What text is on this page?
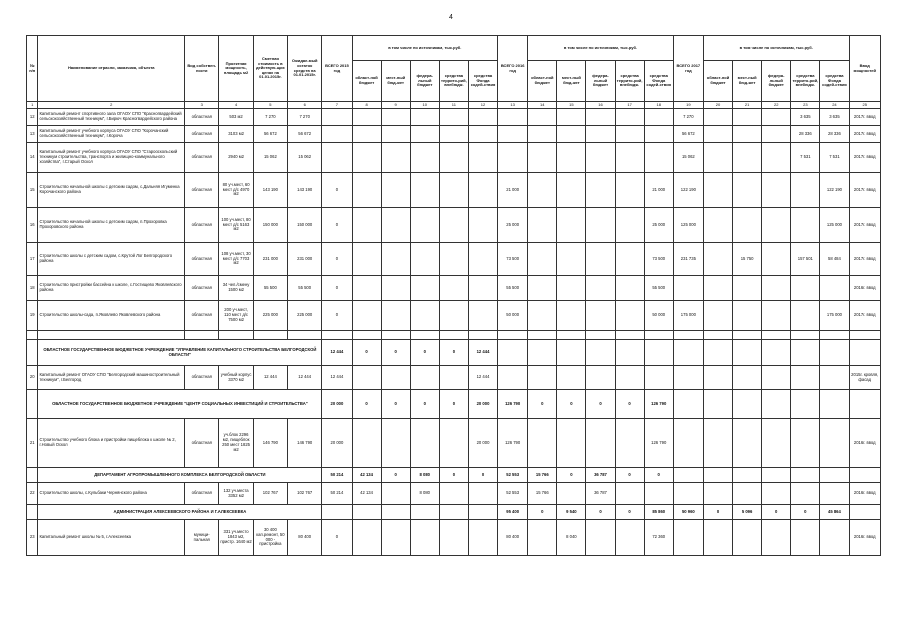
4
№ п/п	Наименование отрасли, заказчика, объекта	Вид собствен-ности	Проектная мощность, площадь м2	Сметная стоимость в действую-щих ценах на 01.01.2015г.	Ожидае-мый остаток средств на 01.01.2015г.	ВСЕГО 2015 год	в том числе по источникам, тыс.руб.					ВСЕГО 2016 год	в том числе по источникам, тыс.руб.					ВСЕГО 2017 год	в том числе по источникам, тыс.руб.					Ввод мощностей
							област-ной бюджет	мест-ный бюд-жет	федера-льный бюджет	средства террито-рий, внебюдж.	средства Фонда содей-ствия		област-ной бюджет	мест-ный бюд-жет	федера-льный бюджет	средства террито-рий, внебюдж.	средства Фонда содей-ствия		област-ной бюджет	мест-ный бюд-жет	федера-льный бюджет	средства террито-рий, внебюдж.	средства Фонда содей-ствия	
1	2	3	4	5	6	7	8	9	10	11	12	13	14	15	16	17	18	19	20	21	22	23	24	25
12	Капитальный ремонт спортивного зала ОГАОУ СПО "Красногвардейский сельскохозяйственный техникум", г.Бирюч Красногвардейского района	областная	503 м2	7 270	7 270													7 270				3 635	3 635	2017г. ввод
13	Капитальный ремонт учебного корпуса ОГАОУ СПО "Корочанский сельскохозяйственный техникум", г.Короча	областная	3103 м2	56 672	56 672													56 672				28 336	28 336	2017г. ввод
14	Капитальный ремонт учебного корпуса ОГАОУ СПО "Старооскольский техникум строительства, транспорта и жилищно-коммунального хозяйства", г.Старый Оскол	областная	2940 м2	15 062	15 062													15 062				7 531	7 531	2017г. ввод
15	Строительство начальной школы с детским садом, с.Дальняя Игуменка Корочанского района	областная	80 уч.мест, 60 мест д/с 4970 м2	143 190	143 190	0						21 000					21 000	122 190					122 190	2017г. ввод
16	Строительство начальной школы с детским садом, п.Прохоровка Прохоровского района	областная	100 уч.мест, 80 мест д/с 5163 м2	150 000	150 000	0						25 000					25 000	125 000					125 000	2017г. ввод
17	Строительство школы с детским садом, с.Крутой Лог Белгородского района	областная	108 уч.мест, 30 мест д/с 7703 м2	231 000	231 000	0						73 500					73 500	231 735		15 750		157 501	58 484	2017г. ввод
18	Строительство пристройки бассейна к школе, с.Гостищево Яковлевского района	областная	34 чел./смену 1500 м2	55 500	55 500	0						55 500					55 500							2016г. ввод
19	Строительство школы-сада, п.Яковлево Яковлевского района	областная	200 уч.мест, 110 мест д/с 7500 м2	225 000	225 000	0						50 000					50 000	175 000					175 000	2017г. ввод

	ОБЛАСТНОЕ ГОСУДАРСТВЕННОЕ БЮДЖЕТНОЕ УЧРЕЖДЕНИЕ "УПРАВЛЕНИЕ КАПИТАЛЬНОГО СТРОИТЕЛЬСТВА БЕЛГОРОДСКОЙ ОБЛАСТИ"					12 444	0	0	0	0	12 444													
20	Капитальный ремонт ОГАОУ СПО "Белгородский машиностроительный техникум", г.Белгород	областная	учебный корпус 3370 м2	12 444	12 444	12 444					12 444													2015г. кровля, фасад
	ОБЛАСТНОЕ ГОСУДАРСТВЕННОЕ БЮДЖЕТНОЕ УЧРЕЖДЕНИЕ "ЦЕНТР СОЦИАЛЬНЫХ ИНВЕСТИЦИЙ И СТРОИТЕЛЬСТВА"					20 000	0	0	0	0	20 000	126 790	0	0	0	0	126 790							
21	Строительство учебного блока и пристройки пищеблока к школе № 2, г.Новый Оскол	областная	уч.блок 2296 м2, пищеблок 250 мест 1825 м2	146 790	146 790	20 000					20 000	126 790					126 790							2016г. ввод
	ДЕПАРТАМЕНТ АГРОПРОМЫШЛЕННОГО КОМПЛЕКСА БЕЛГОРОДСКОЙ ОБЛАСТИ					50 214	42 134	0	8 080	0	0	52 553	15 766	0	36 787	0	0							
22	Строительство школы, с.Кульбаки Чернянского района	областная	132 уч.места 3352 м2	102 767	102 767	50 214	42 134		8 080			52 553	15 766		36 787									2016г. ввод
	АДМИНИСТРАЦИЯ АЛЕКСЕЕВСКОГО РАЙОНА И Г.АЛЕКСЕЕВКА											95 400	0	9 540	0	0	85 860	50 960	0	5 096	0	0	45 864	
23	Капитальный ремонт школы № 5, г.Алексеевка	муници-пальная	331 уч.место 1843 м2, пристр. 1640 м2	30 400 кап.ремонт, 50 000 - пристройка	80 400	0						80 400		8 040			72 360							2016г. ввод
